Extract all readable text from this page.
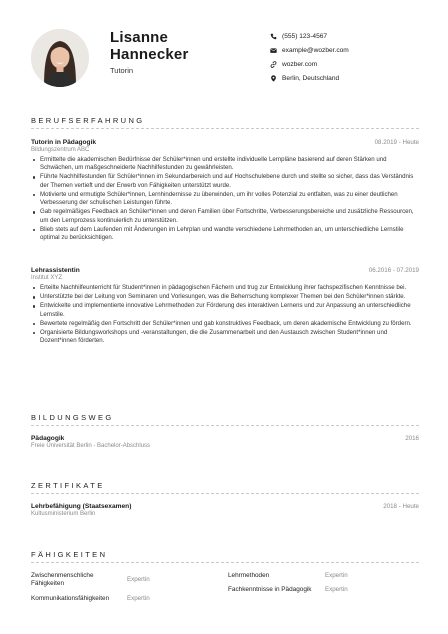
Lisanne
Hannecker
Tutorin
(555) 123-4567
example@wozber.com
wozber.com
Berlin, Deutschland
BERUFSERFAHRUNG
Tutorin in Pädagogik	08.2019 - Heute
Bildungszentrum ABC
Ermittelte die akademischen Bedürfnisse der Schüler*innen und erstellte individuelle Lernpläne basierend auf deren Stärken und Schwächen, um maßgeschneiderte Nachhilfestunden zu gewährleisten.
Führte Nachhilfestunden für Schüler*innen im Sekundarbereich und auf Hochschulebene durch und stellte so sicher, dass das Verständnis der Themen vertieft und der Erwerb von Fähigkeiten unterstützt wurde.
Motivierte und ermutigte Schüler*innen, Lernhindernisse zu überwinden, um ihr volles Potenzial zu entfalten, was zu einer deutlichen Verbesserung der schulischen Leistungen führte.
Gab regelmäßiges Feedback an Schüler*innen und deren Familien über Fortschritte, Verbesserungsbereiche und zusätzliche Ressourcen, um den Lernprozess kontinuierlich zu unterstützen.
Blieb stets auf dem Laufenden mit Änderungen im Lehrplan und wandte verschiedene Lehrmethoden an, um unterschiedliche Lernstile optimal zu berücksichtigen.
Lehrassistentin	06.2016 - 07.2019
Institut XYZ
Erteilte Nachhilfeunterricht für Student*innen in pädagogischen Fächern und trug zur Entwicklung ihrer fachspezifischen Kenntnisse bei.
Unterstützte bei der Leitung von Seminaren und Vorlesungen, was die Beherrschung komplexer Themen bei den Schüler*innen stärkte.
Entwickelte und implementierte innovative Lehrmethoden zur Förderung des interaktiven Lernens und zur Anpassung an unterschiedliche Lernstile.
Bewertete regelmäßig den Fortschritt der Schüler*innen und gab konstruktives Feedback, um deren akademische Entwicklung zu fördern.
Organisierte Bildungsworkshops und -veranstaltungen, die die Zusammenarbeit und den Austausch zwischen Student*innen und Dozent*innen förderten.
BILDUNGSWEG
Pädagogik	2016
Freie Universität Berlin - Bachelor-Abschluss
ZERTIFIKATE
Lehrbefähigung (Staatsexamen)	2018 - Heute
Kultusministerium Berlin
FÄHIGKEITEN
Zwischenmenschliche Fähigkeiten
Expertin
Kommunikationsfähigkeiten	Expertin
Lehrmethoden	Expertin
Fachkenntnisse in Pädagogik Expertin
